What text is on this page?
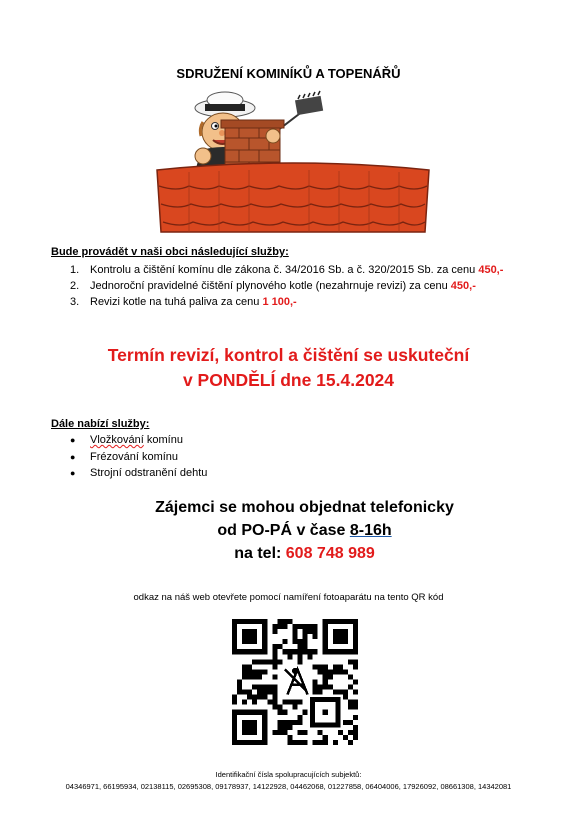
SDRUŽENÍ KOMINÍKŮ A TOPENÁŘŮ
Bude provádět v naši obci následující služby:
1. Kontrolu a čištění komínu dle zákona č. 34/2016 Sb. a č. 320/2015 Sb. za cenu 450,-
2. Jednoroční pravidelné čištění plynového kotle (nezahrnuje revizi) za cenu 450,-
3. Revizi kotle na tuhá paliva za cenu 1 100,-
Termín revizí, kontrol a čištění se uskuteční
v PONDĚLÍ dne 15.4.2024
Dále nabízí služby:
● Vložkování komínu
● Frézování komínu
● Strojní odstranění dehtu
Zájemci se mohou objednat telefonicky
od PO-PÁ v čase 8-16h
na tel: 608 748 989
odkaz na náš web otevřete pomocí namíření fotoaparátu na tento QR kód
Identifikační čísla spolupracujících subjektů:
04346971, 66195934, 02138115, 02695308, 09178937, 14122928, 04462068, 01227858, 06404006, 17926092, 08661308, 14342081
